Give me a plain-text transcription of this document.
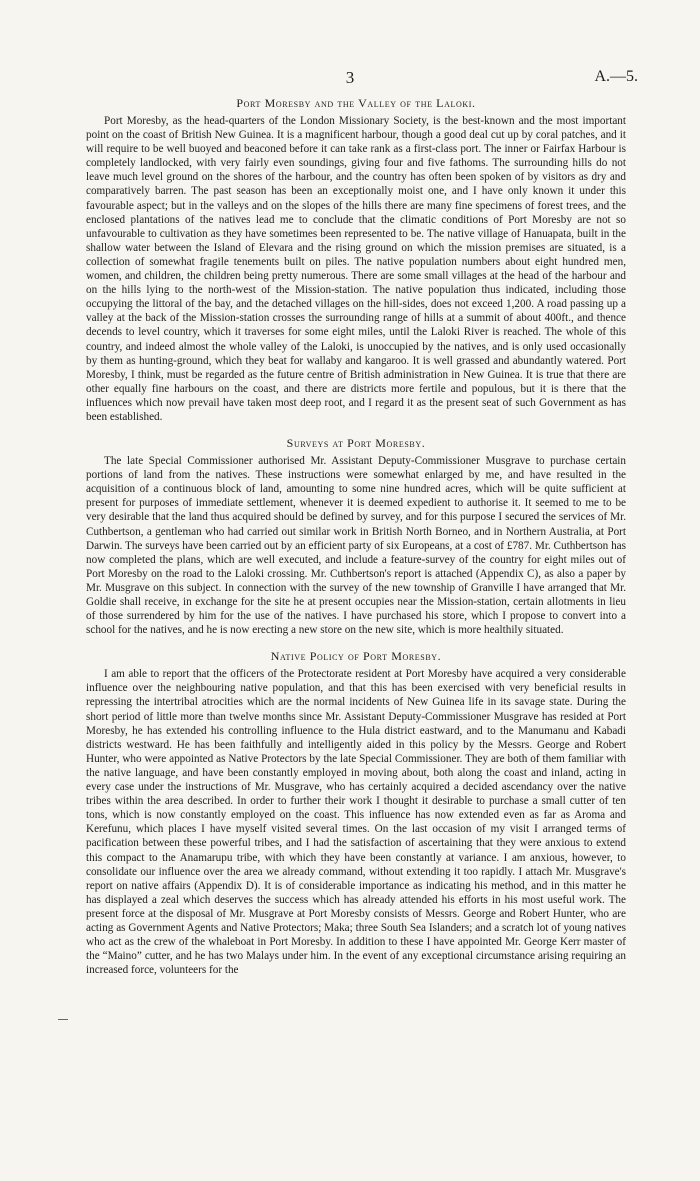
3	A.—5.
Port Moresby and the Valley of the Laloki.

Port Moresby, as the head-quarters of the London Missionary Society, is the best-known and the most important point on the coast of British New Guinea. It is a magnificent harbour, though a good deal cut up by coral patches, and it will require to be well buoyed and beaconed before it can take rank as a first-class port. The inner or Fairfax Harbour is completely landlocked, with very fairly even soundings, giving four and five fathoms. The surrounding hills do not leave much level ground on the shores of the harbour, and the country has often been spoken of by visitors as dry and comparatively barren. The past season has been an exceptionally moist one, and I have only known it under this favourable aspect; but in the valleys and on the slopes of the hills there are many fine specimens of forest trees, and the enclosed plantations of the natives lead me to conclude that the climatic conditions of Port Moresby are not so unfavourable to cultivation as they have sometimes been represented to be. The native village of Hanuapata, built in the shallow water between the Island of Elevara and the rising ground on which the mission premises are situated, is a collection of somewhat fragile tenements built on piles. The native population numbers about eight hundred men, women, and children, the children being pretty numerous. There are some small villages at the head of the harbour and on the hills lying to the north-west of the Mission-station. The native population thus indicated, including those occupying the littoral of the bay, and the detached villages on the hill-sides, does not exceed 1,200. A road passing up a valley at the back of the Mission-station crosses the surrounding range of hills at a summit of about 400ft., and thence decends to level country, which it traverses for some eight miles, until the Laloki River is reached. The whole of this country, and indeed almost the whole valley of the Laloki, is unoccupied by the natives, and is only used occasionally by them as hunting-ground, which they beat for wallaby and kangaroo. It is well grassed and abundantly watered. Port Moresby, I think, must be regarded as the future centre of British administration in New Guinea. It is true that there are other equally fine harbours on the coast, and there are districts more fertile and populous, but it is there that the influences which now prevail have taken most deep root, and I regard it as the present seat of such Government as has been established.

Surveys at Port Moresby.

The late Special Commissioner authorised Mr. Assistant Deputy-Commissioner Musgrave to purchase certain portions of land from the natives. These instructions were somewhat enlarged by me, and have resulted in the acquisition of a continuous block of land, amounting to some nine hundred acres, which will be quite sufficient at present for purposes of immediate settlement, whenever it is deemed expedient to authorise it. It seemed to me to be very desirable that the land thus acquired should be defined by survey, and for this purpose I secured the services of Mr. Cuthbertson, a gentleman who had carried out similar work in British North Borneo, and in Northern Australia, at Port Darwin. The surveys have been carried out by an efficient party of six Europeans, at a cost of £787. Mr. Cuthbertson has now completed the plans, which are well executed, and include a feature-survey of the country for eight miles out of Port Moresby on the road to the Laloki crossing. Mr. Cuthbertson's report is attached (Appendix C), as also a paper by Mr. Musgrave on this subject. In connection with the survey of the new township of Granville I have arranged that Mr. Goldie shall receive, in exchange for the site he at present occupies near the Mission-station, certain allotments in lieu of those surrendered by him for the use of the natives. I have purchased his store, which I propose to convert into a school for the natives, and he is now erecting a new store on the new site, which is more healthily situated.

Native Policy of Port Moresby.

I am able to report that the officers of the Protectorate resident at Port Moresby have acquired a very considerable influence over the neighbouring native population, and that this has been exercised with very beneficial results in repressing the intertribal atrocities which are the normal incidents of New Guinea life in its savage state. During the short period of little more than twelve months since Mr. Assistant Deputy-Commissioner Musgrave has resided at Port Moresby, he has extended his controlling influence to the Hula district eastward, and to the Manumanu and Kabadi districts westward. He has been faithfully and intelligently aided in this policy by the Messrs. George and Robert Hunter, who were appointed as Native Protectors by the late Special Commissioner. They are both of them familiar with the native language, and have been constantly employed in moving about, both along the coast and inland, acting in every case under the instructions of Mr. Musgrave, who has certainly acquired a decided ascendancy over the native tribes within the area described. In order to further their work I thought it desirable to purchase a small cutter of ten tons, which is now constantly employed on the coast. This influence has now extended even as far as Aroma and Kerefunu, which places I have myself visited several times. On the last occasion of my visit I arranged terms of pacification between these powerful tribes, and I had the satisfaction of ascertaining that they were anxious to extend this compact to the Anamarupu tribe, with which they have been constantly at variance. I am anxious, however, to consolidate our influence over the area we already command, without extending it too rapidly. I attach Mr. Musgrave's report on native affairs (Appendix D). It is of considerable importance as indicating his method, and in this matter he has displayed a zeal which deserves the success which has already attended his efforts in his most useful work. The present force at the disposal of Mr. Musgrave at Port Moresby consists of Messrs. George and Robert Hunter, who are acting as Government Agents and Native Protectors; Maka; three South Sea Islanders; and a scratch lot of young natives who act as the crew of the whaleboat in Port Moresby. In addition to these I have appointed Mr. George Kerr master of the “Maino” cutter, and he has two Malays under him. In the event of any exceptional circumstance arising requiring an increased force, volunteers for the
